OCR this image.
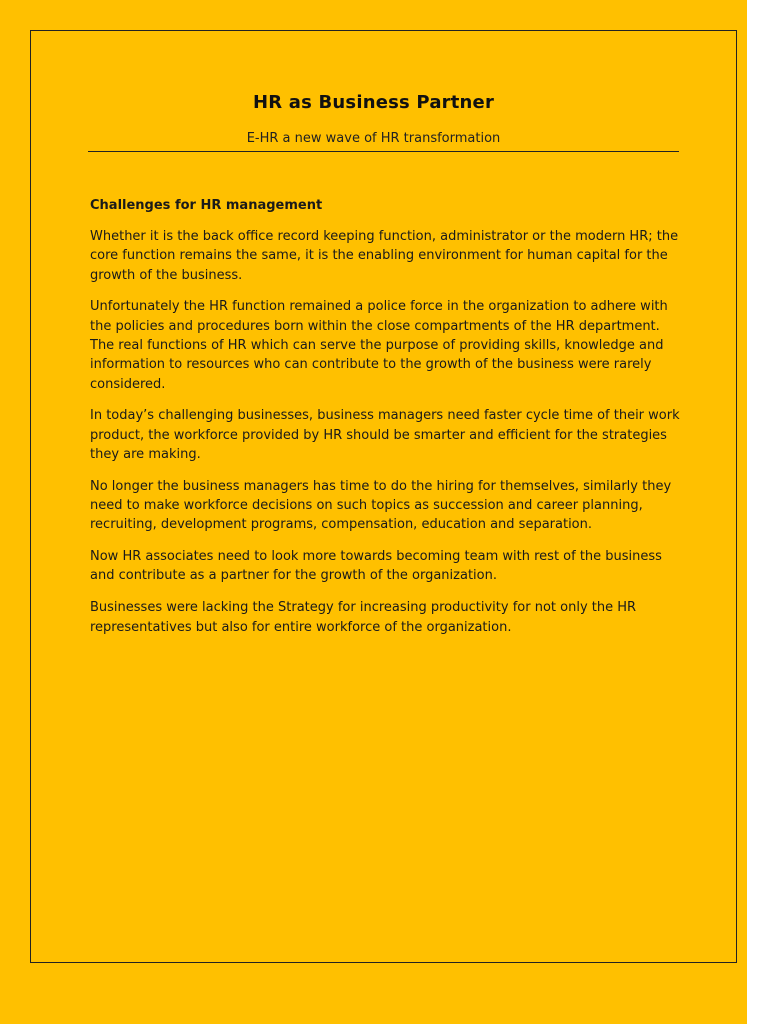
HR as Business Partner
E-HR a new wave of HR transformation
Challenges for HR management

Whether it is the back office record keeping function, administrator or the modern HR; the core function remains the same, it is the enabling environment for human capital for the growth of the business.

Unfortunately the HR function remained a police force in the organization to adhere with the policies and procedures born within the close compartments of the HR department. The real functions of HR which can serve the purpose of providing skills, knowledge and information to resources who can contribute to the growth of the business were rarely considered.

In today’s challenging businesses, business managers need faster cycle time of their work product, the workforce provided by HR should be smarter and efficient for the strategies they are making.

No longer the business managers has time to do the hiring for themselves, similarly they need to make workforce decisions on such topics as succession and career planning, recruiting, development programs, compensation, education and separation.

Now HR associates need to look more towards becoming team with rest of the business and contribute as a partner for the growth of the organization.

Businesses were lacking the Strategy for increasing productivity for not only the HR representatives but also for entire workforce of the organization.
